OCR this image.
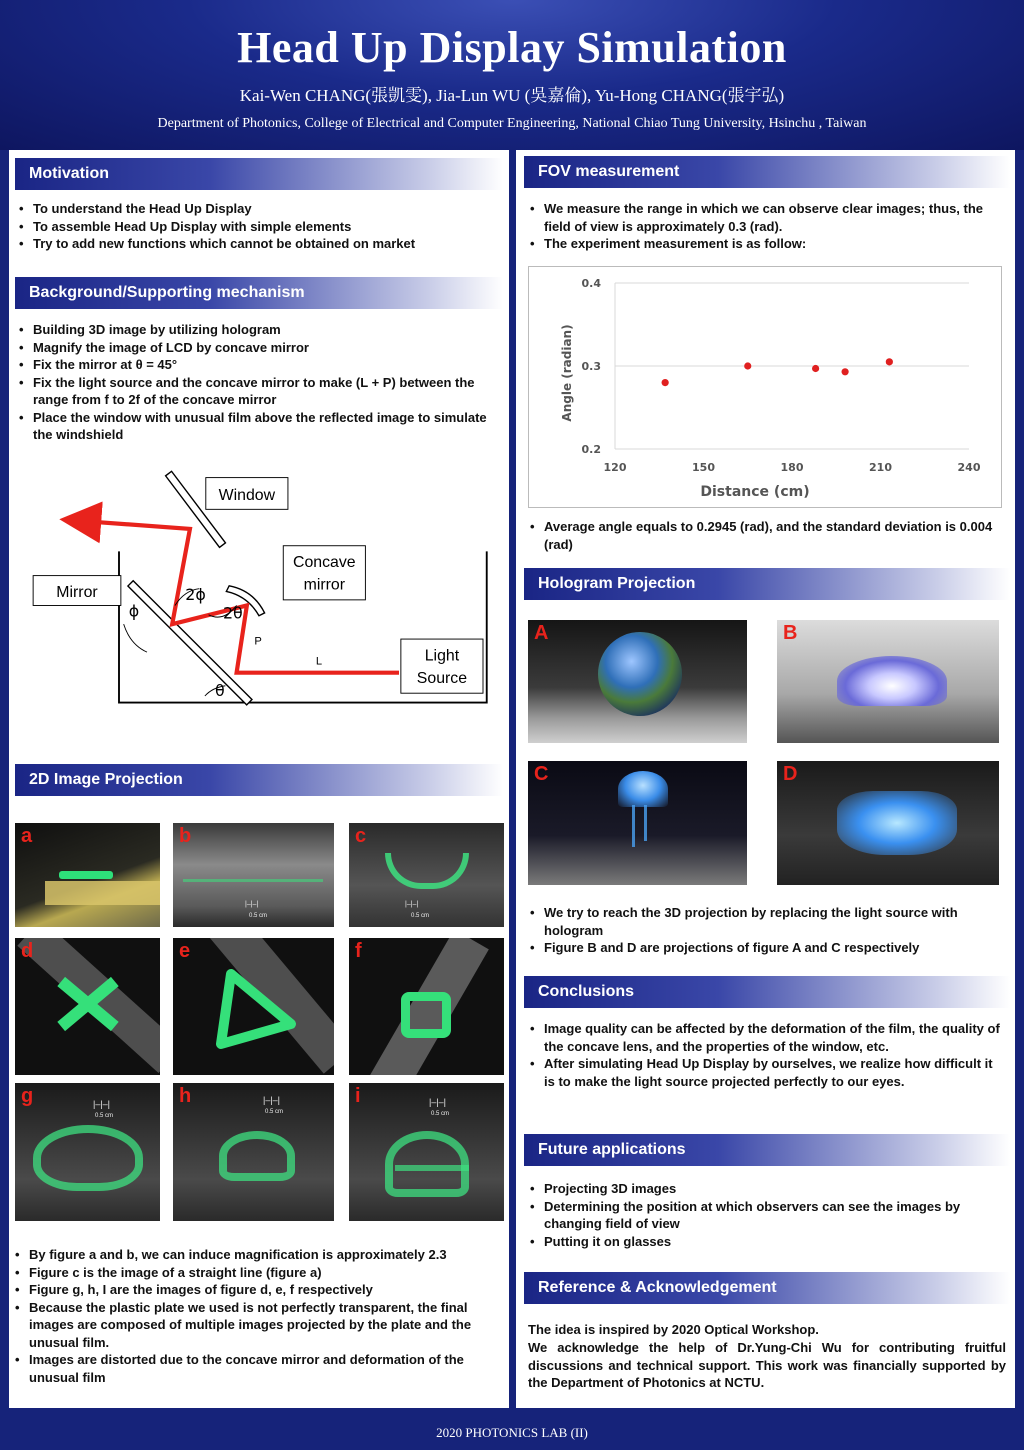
Head Up Display Simulation
Kai-Wen CHANG(張凱雯), Jia-Lun WU (吳嘉倫), Yu-Hong CHANG(張宇弘)
Department of Photonics, College of Electrical and Computer Engineering, National Chiao Tung University, Hsinchu , Taiwan
Motivation
• To understand the Head Up Display
• To assemble Head Up Display with simple elements
• Try to add new functions which cannot be obtained on market
Background/Supporting mechanism
• Building 3D image by utilizing hologram
• Magnify the image of LCD by concave mirror
• Fix the mirror at θ = 45°
• Fix the light source and the concave mirror to make (L + P) between the range from f to 2f of the concave mirror
• Place the window with unusual film above the reflected image to simulate the windshield
Window
Concave
mirror
Mirror
Light
Source
ϕ
2ϕ
2θ
θ
P
L
2D Image Projection
a
|–|–|
0.5 cm
b
|–|–|
0.5 cm
c
d	e	f
|–|–|
0.5 cm
g	|–|–|
0.5 cm
h	|–|–|
0.5 cm
i
• By figure a and b, we can induce magnification is approximately 2.3
• Figure c is the image of a straight line (figure a)
• Figure g, h, I are the images of figure d, e, f respectively
• Because the plastic plate we used is not perfectly transparent, the final images are composed of multiple images projected by the plate and the unusual film.
• Images are distorted due to the concave mirror and deformation of the unusual film
FOV measurement
• We measure the range in which we can observe clear images; thus, the field of view is approximately 0.3 (rad).
• The experiment measurement is as follow:
0.4
0.3
0.2
120	150	180	210	240
Distance (cm)
Angle (radian)
• Average angle equals to 0.2945 (rad), and the standard deviation is 0.004 (rad)
Hologram Projection
A	B
C	D
• We try to reach the 3D projection by replacing the light source with hologram
• Figure B and D are projections of figure A and C respectively
Conclusions
• Image quality can be affected by the deformation of the film, the quality of the concave lens, and the properties of the window, etc.
• After simulating Head Up Display by ourselves, we realize how difficult it is to make the light source projected perfectly to our eyes.
Future applications
• Projecting 3D images
• Determining the position at which observers can see the images by changing field of view
• Putting it on glasses
Reference & Acknowledgement
The idea is inspired by 2020 Optical Workshop.
We acknowledge the help of Dr.Yung-Chi Wu for contributing fruitful discussions and technical support. This work was financially supported by the Department of Photonics at NCTU.
2020 PHOTONICS LAB (II)
